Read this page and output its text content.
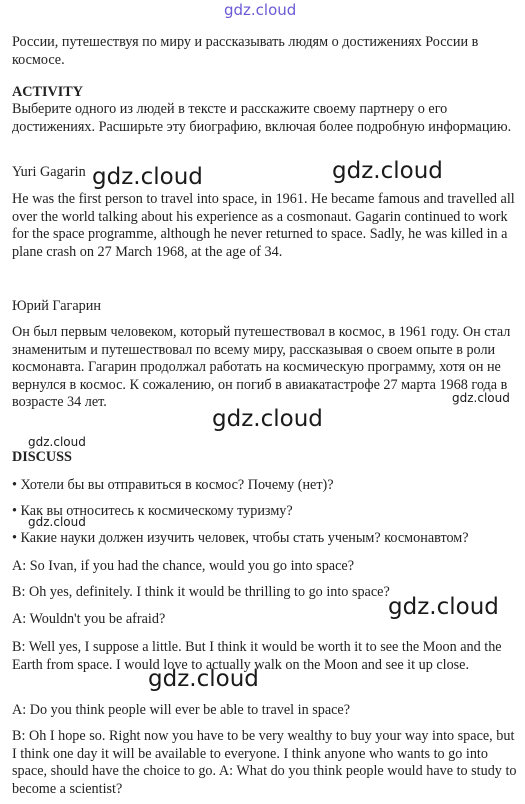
gdz.cloud

России, путешествуя по миру и рассказывать людям о достижениях России в космосе.

ACTIVITY

Выберите одного из людей в тексте и расскажите своему партнеру о его достижениях. Расширьте эту биографию, включая более подробную информацию.

Yuri Gagarin gdz.cloud	gdz.cloud

He was the first person to travel into space, in 1961. He became famous and travelled all over the world talking about his experience as a cosmonaut. Gagarin continued to work for the space programme, although he never returned to space. Sadly, he was killed in a plane crash on 27 March 1968, at the age of 34.

Юрий Гагарин

Он был первым человеком, который путешествовал в космос, в 1961 году. Он стал знаменитым и путешествовал по всему миру, рассказывая о своем опыте в роли космонавта. Гагарин продолжал работать на космическую программу, хотя он не вернулся в космос. К сожалению, он погиб в авиакатастрофе 27 марта 1968 года в возрасте 34 лет.	gdz.cloud
gdz.cloud
gdz.cloud

DISCUSS

• Хотели бы вы отправиться в космос? Почему (нет)?

• Как вы относитесь к космическому туризму?

gdz.cloud

• Какие науки должен изучить человек, чтобы стать ученым? космонавтом?

A: So Ivan, if you had the chance, would you go into space?

B: Oh yes, definitely. I think it would be thrilling to go into space?

A: Wouldn't you be afraid?	gdz.cloud

B: Well yes, I suppose a little. But I think it would be worth it to see the Moon and the Earth from space. I would love to actually walk on the Moon and see it up close.

gdz.cloud

A: Do you think people will ever be able to travel in space?

B: Oh I hope so. Right now you have to be very wealthy to buy your way into space, but I think one day it will be available to everyone. I think anyone who wants to go into space, should have the choice to go. A: What do you think people would have to study to become a scientist?
